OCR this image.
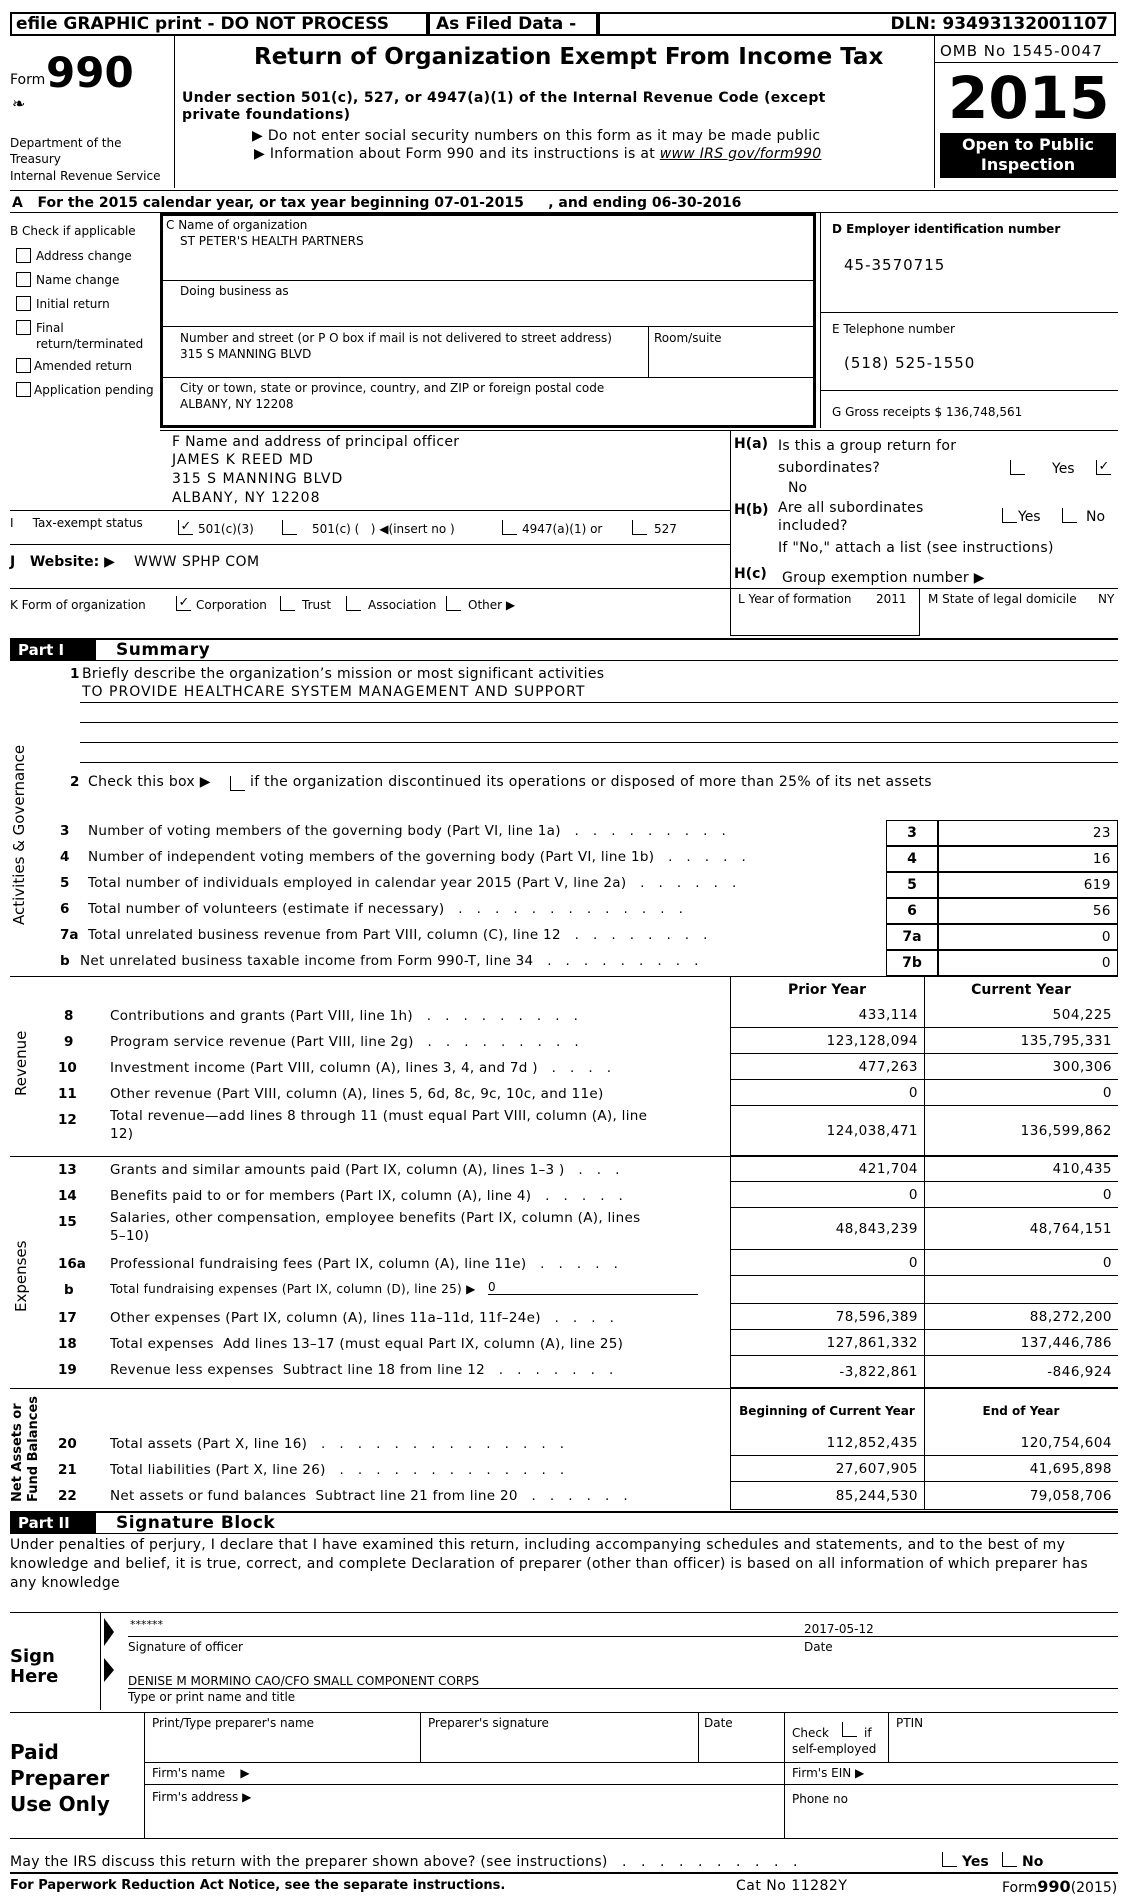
efile GRAPHIC print - DO NOT PROCESS	As Filed Data -	DLN: 93493132001107
Form 990
❧
Department of the
Treasury
Internal Revenue Service
Return of Organization Exempt From Income Tax
Under section 501(c), 527, or 4947(a)(1) of the Internal Revenue Code (except private foundations)
▶ Do not enter social security numbers on this form as it may be made public
▶ Information about Form 990 and its instructions is at www IRS gov/form990
OMB No 1545-0047
2015
Open to Public Inspection
A   For the 2015 calendar year, or tax year beginning 07-01-2015     , and ending 06-30-2016
B Check if applicable
Address change
Name change
Initial return
Final return/terminated
Amended return
Application pending
C Name of organization
ST PETER'S HEALTH PARTNERS
Doing business as
Number and street (or P O box if mail is not delivered to street address)	Room/suite
315 S MANNING BLVD
City or town, state or province, country, and ZIP or foreign postal code
ALBANY, NY 12208
D Employer identification number
45-3570715
E Telephone number
(518) 525-1550
G Gross receipts $ 136,748,561
F Name and address of principal officer
JAMES K REED MD
315 S MANNING BLVD
ALBANY, NY 12208
H(a) Is this a group return for
subordinates?	Yes ✓
No
H(b) Are all subordinates
included?
Yes	No
If "No," attach a list (see instructions)
H(c) Group exemption number ▶
I     Tax-exempt status	✓ 501(c)(3)	501(c) (   ) ◀(insert no )	4947(a)(1) or	527
J   Website: ▶ WWW SPHP COM
K Form of organization	✓ Corporation	Trust	Association	Other ▶	L Year of formation 2011 M State of legal domicile NY
Part I	Summary
Activities & Governance
Revenue
Expenses
Net Assets or Fund Balances
1 Briefly describe the organization’s mission or most significant activities
TO PROVIDE HEALTHCARE SYSTEM MANAGEMENT AND SUPPORT
2 Check this box ▶	if the organization discontinued its operations or disposed of more than 25% of its net assets
3 Number of voting members of the governing body (Part VI, line 1a)   .   .   .   .   .   .   .   .   .	3	23
4 Number of independent voting members of the governing body (Part VI, line 1b)   .   .   .   .   .	4	16
5 Total number of individuals employed in calendar year 2015 (Part V, line 2a)   .   .   .   .   .   .	5	619
6 Total number of volunteers (estimate if necessary)   .   .   .   .   .   .   .   .   .   .   .   .   .	6	56
7a Total unrelated business revenue from Part VIII, column (C), line 12   .   .   .   .   .   .   .   .	7a	0
b Net unrelated business taxable income from Form 990-T, line 34   .   .   .   .   .   .   .   .   .	7b	0
Prior Year	Current Year
8	Contributions and grants (Part VIII, line 1h)   .   .   .   .   .   .   .   .   .	433,114	504,225
9	Program service revenue (Part VIII, line 2g)   .   .   .   .   .   .   .   .   .	123,128,094	135,795,331
10 Investment income (Part VIII, column (A), lines 3, 4, and 7d )   .   .   .   .	477,263	300,306
11 Other revenue (Part VIII, column (A), lines 5, 6d, 8c, 9c, 10c, and 11e)	0	0
12 Total revenue—add lines 8 through 11 (must equal Part VIII, column (A), line
12)	124,038,471	136,599,862
13 Grants and similar amounts paid (Part IX, column (A), lines 1–3 )   .   .   .	421,704	410,435
14 Benefits paid to or for members (Part IX, column (A), line 4)   .   .   .   .   .	0	0
15 Salaries, other compensation, employee benefits (Part IX, column (A), lines
5–10)	48,843,239	48,764,151
16a Professional fundraising fees (Part IX, column (A), line 11e)   .   .   .   .   .	0	0
b	Total fundraising expenses (Part IX, column (D), line 25) ▶ 0
17 Other expenses (Part IX, column (A), lines 11a–11d, 11f–24e)   .   .   .   .	78,596,389	88,272,200
18 Total expenses  Add lines 13–17 (must equal Part IX, column (A), line 25)	127,861,332	137,446,786
19 Revenue less expenses  Subtract line 18 from line 12   .   .   .   .   .   .   .	-3,822,861	-846,924
Beginning of Current Year	End of Year
20 Total assets (Part X, line 16)   .   .   .   .   .   .   .   .   .   .   .   .   .   .	112,852,435	120,754,604
21 Total liabilities (Part X, line 26)   .   .   .   .   .   .   .   .   .   .   .   .   .	27,607,905	41,695,898
22 Net assets or fund balances  Subtract line 21 from line 20   .   .   .   .   .   .	85,244,530	79,058,706
Part II	Signature Block
Under penalties of perjury, I declare that I have examined this return, including accompanying schedules and statements, and to the best of my knowledge and belief, it is true, correct, and complete Declaration of preparer (other than officer) is based on all information of which preparer has any knowledge
Sign
Here
******	2017-05-12
Signature of officer	Date
DENISE M MORMINO CAO/CFO SMALL COMPONENT CORPS
Type or print name and title
Paid
Preparer
Use Only
Print/Type preparer's name	Preparer's signature	Date
Check	if
self-employed
PTIN
Firm's name    ▶	Firm's EIN ▶
Firm's address ▶	Phone no
May the IRS discuss this return with the preparer shown above? (see instructions)   .   .   .   .   .   .   .   .   .   .	Yes No
For Paperwork Reduction Act Notice, see the separate instructions.	Cat No 11282Y	Form990(2015)
